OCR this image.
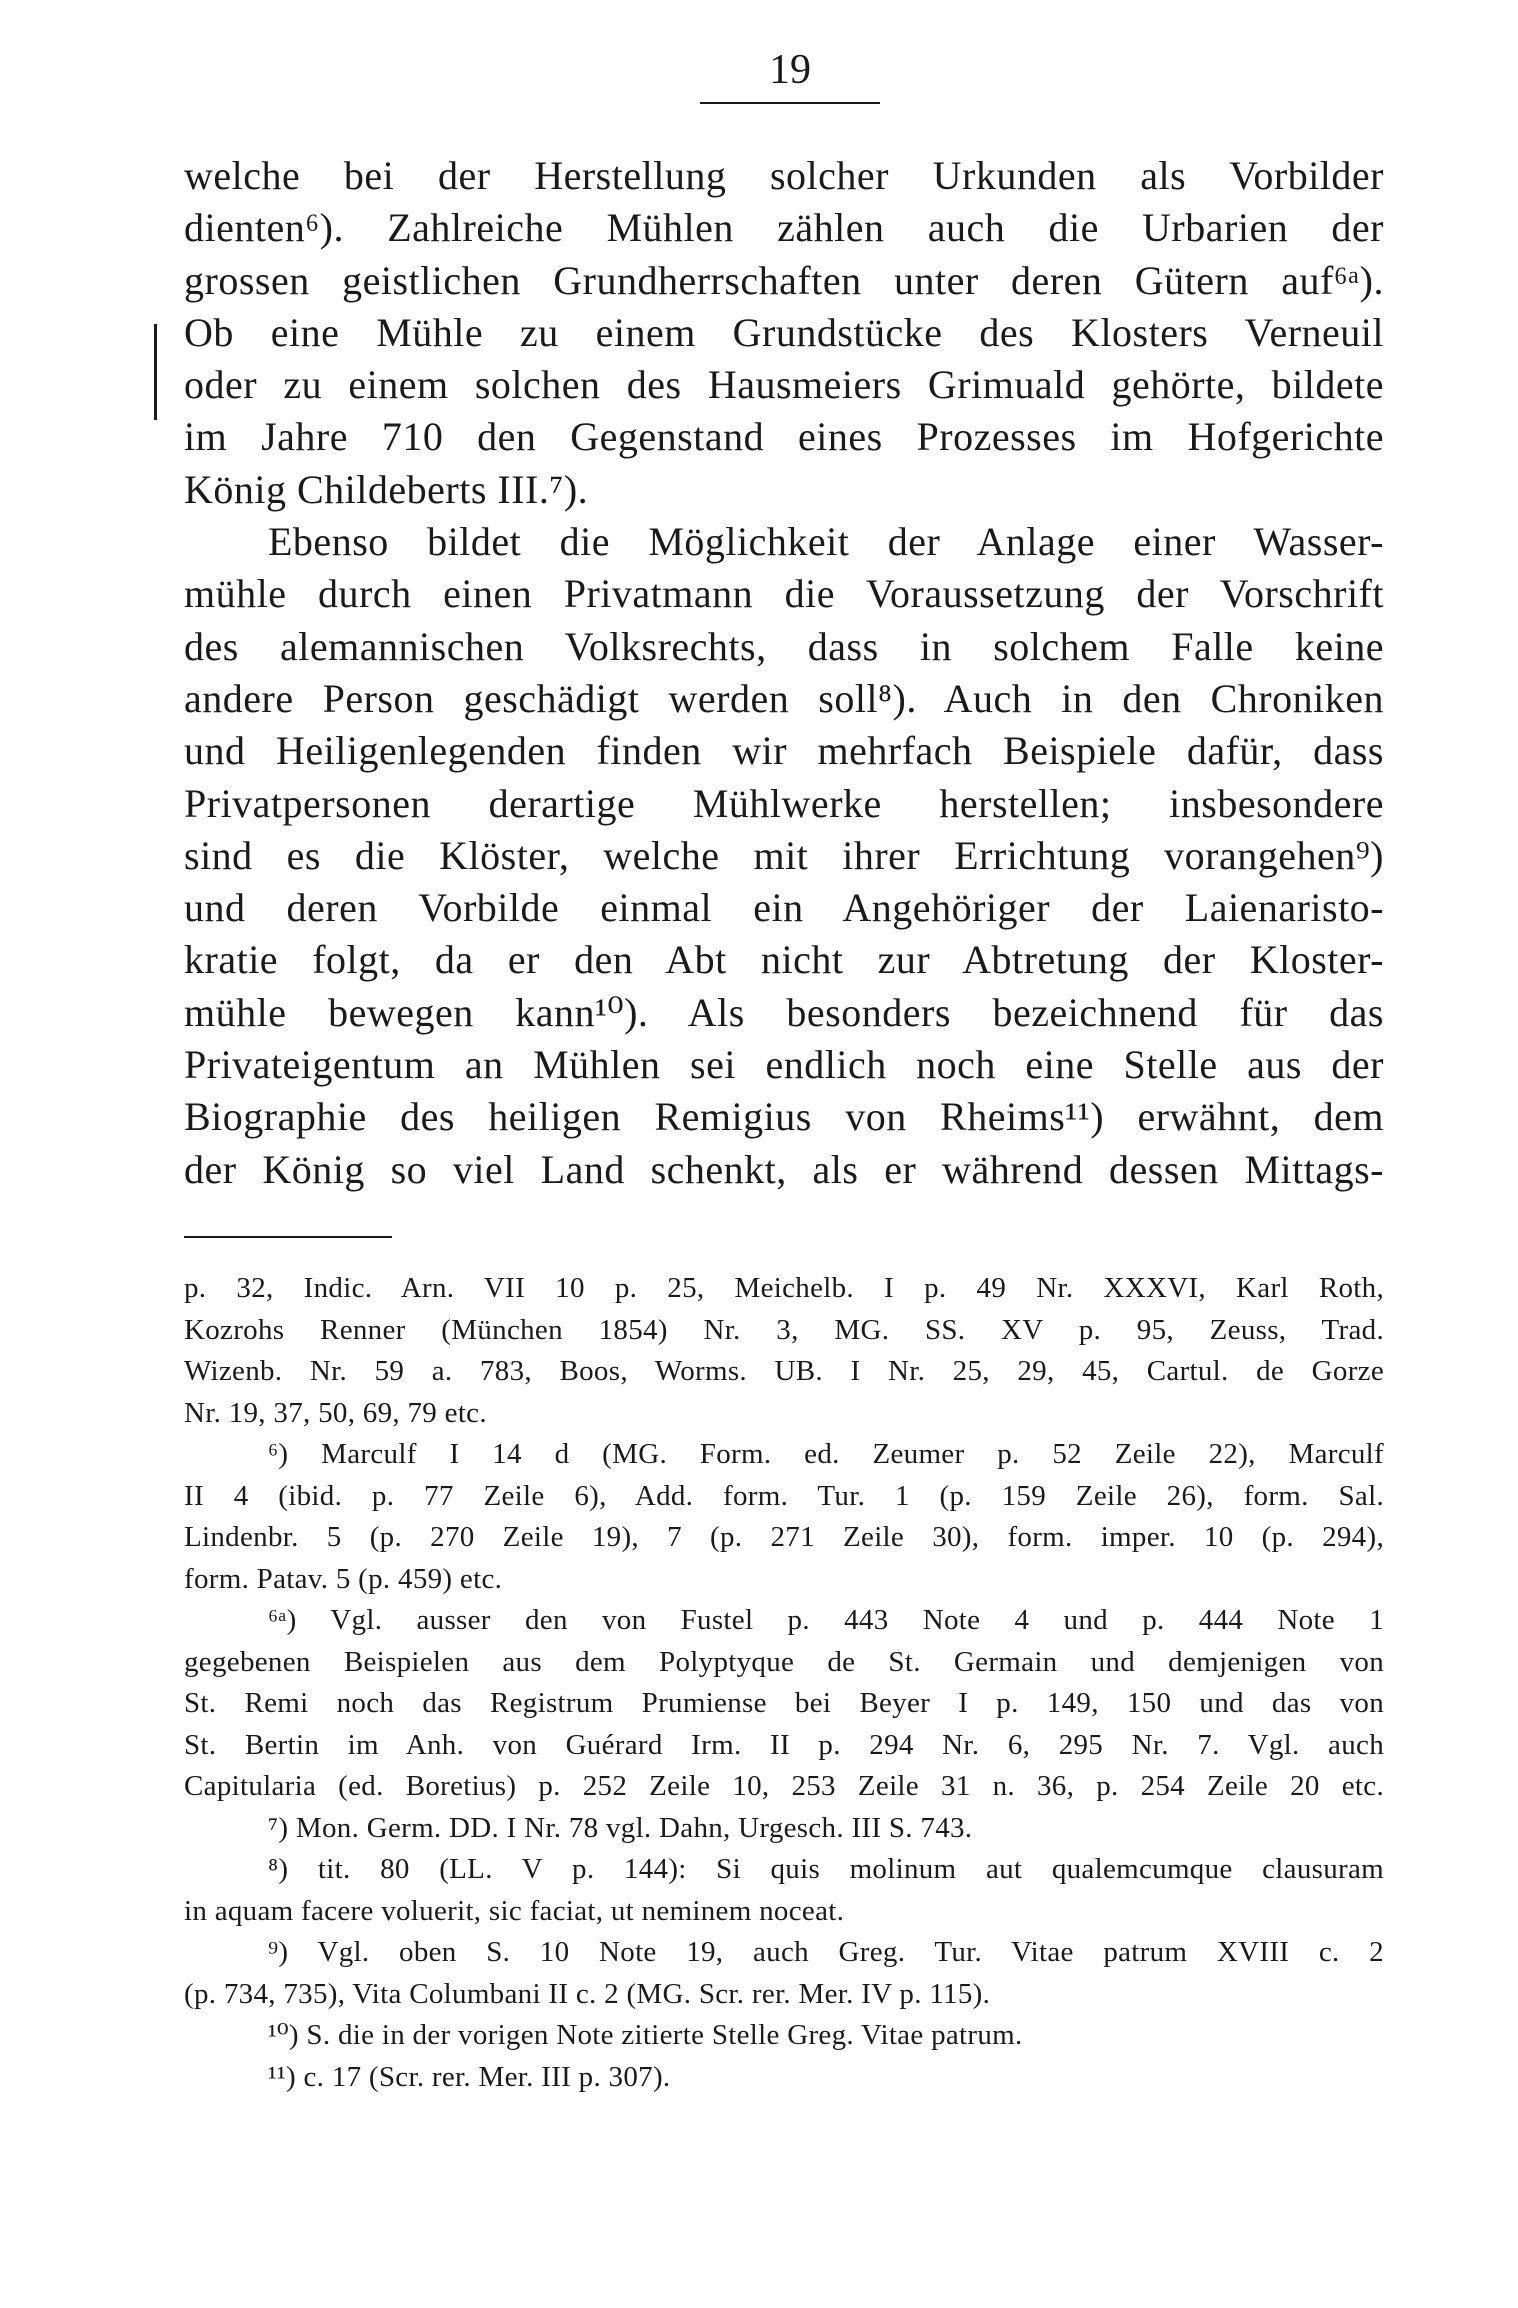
19
welche bei der Herstellung solcher Urkunden als Vorbilder
dienten⁶). Zahlreiche Mühlen zählen auch die Urbarien der
grossen geistlichen Grundherrschaften unter deren Gütern auf⁶ᵃ).
Ob eine Mühle zu einem Grundstücke des Klosters Verneuil
oder zu einem solchen des Hausmeiers Grimuald gehörte, bildete
im Jahre 710 den Gegenstand eines Prozesses im Hofgerichte
König Childeberts III.⁷).
Ebenso bildet die Möglichkeit der Anlage einer Wasser-
mühle durch einen Privatmann die Voraussetzung der Vorschrift
des alemannischen Volksrechts, dass in solchem Falle keine
andere Person geschädigt werden soll⁸). Auch in den Chroniken
und Heiligenlegenden finden wir mehrfach Beispiele dafür, dass
Privatpersonen derartige Mühlwerke herstellen; insbesondere
sind es die Klöster, welche mit ihrer Errichtung vorangehen⁹)
und deren Vorbilde einmal ein Angehöriger der Laienaristo-
kratie folgt, da er den Abt nicht zur Abtretung der Kloster-
mühle bewegen kann¹⁰). Als besonders bezeichnend für das
Privateigentum an Mühlen sei endlich noch eine Stelle aus der
Biographie des heiligen Remigius von Rheims¹¹) erwähnt, dem
der König so viel Land schenkt, als er während dessen Mittags-
p. 32, Indic. Arn. VII 10 p. 25, Meichelb. I p. 49 Nr. XXXVI, Karl Roth,
Kozrohs Renner (München 1854) Nr. 3, MG. SS. XV p. 95, Zeuss, Trad.
Wizenb. Nr. 59 a. 783, Boos, Worms. UB. I Nr. 25, 29, 45, Cartul. de Gorze
Nr. 19, 37, 50, 69, 79 etc.
⁶) Marculf I 14 d (MG. Form. ed. Zeumer p. 52 Zeile 22), Marculf
II 4 (ibid. p. 77 Zeile 6), Add. form. Tur. 1 (p. 159 Zeile 26), form. Sal.
Lindenbr. 5 (p. 270 Zeile 19), 7 (p. 271 Zeile 30), form. imper. 10 (p. 294),
form. Patav. 5 (p. 459) etc.
⁶ᵃ) Vgl. ausser den von Fustel p. 443 Note 4 und p. 444 Note 1
gegebenen Beispielen aus dem Polyptyque de St. Germain und demjenigen von
St. Remi noch das Registrum Prumiense bei Beyer I p. 149, 150 und das von
St. Bertin im Anh. von Guérard Irm. II p. 294 Nr. 6, 295 Nr. 7. Vgl. auch
Capitularia (ed. Boretius) p. 252 Zeile 10, 253 Zeile 31 n. 36, p. 254 Zeile 20 etc.
⁷) Mon. Germ. DD. I Nr. 78 vgl. Dahn, Urgesch. III S. 743.
⁸) tit. 80 (LL. V p. 144): Si quis molinum aut qualemcumque clausuram
in aquam facere voluerit, sic faciat, ut neminem noceat.
⁹) Vgl. oben S. 10 Note 19, auch Greg. Tur. Vitae patrum XVIII c. 2
(p. 734, 735), Vita Columbani II c. 2 (MG. Scr. rer. Mer. IV p. 115).
¹⁰) S. die in der vorigen Note zitierte Stelle Greg. Vitae patrum.
¹¹) c. 17 (Scr. rer. Mer. III p. 307).
